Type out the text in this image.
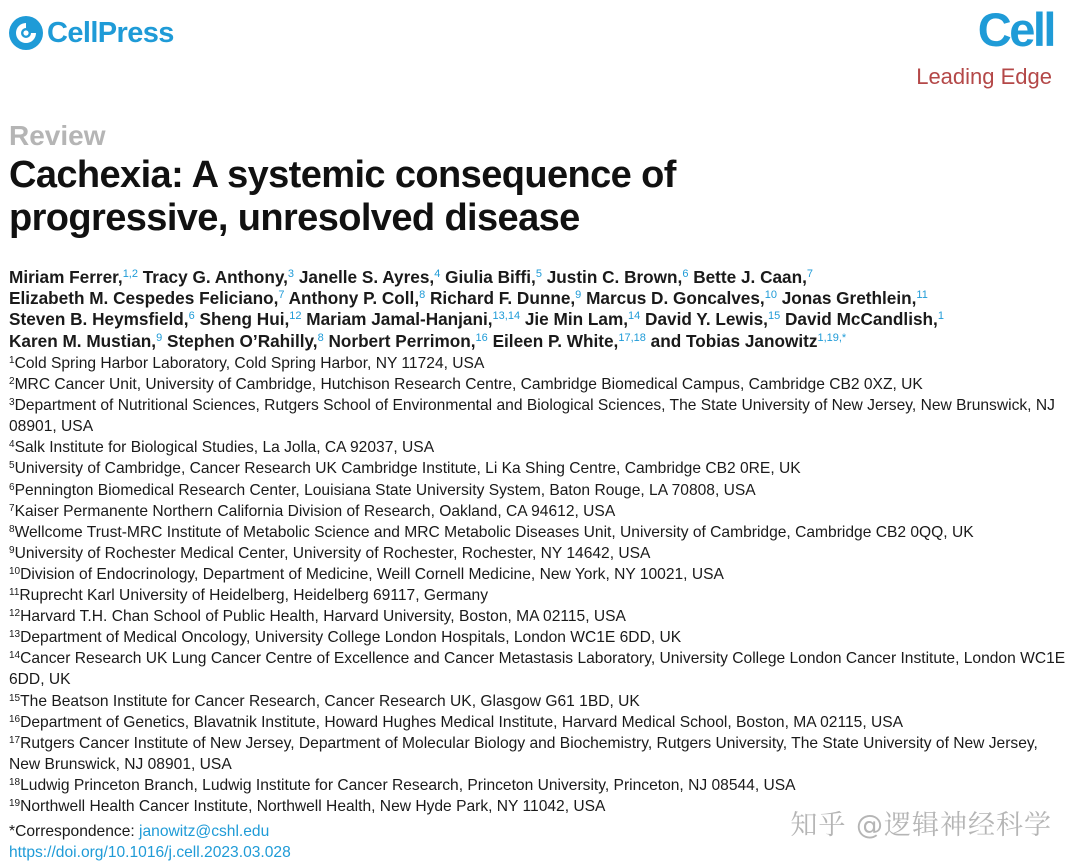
CellPress	Cell
Leading Edge
Review
Cachexia: A systemic consequence of
progressive, unresolved disease
Miriam Ferrer,$^{1,2}$ Tracy G. Anthony,$^3$ Janelle S. Ayres,$^4$ Giulia Biffi,$^5$ Justin C. Brown,$^6$ Bette J. Caan,$^7$
Elizabeth M. Cespedes Feliciano,$^7$ Anthony P. Coll,$^8$ Richard F. Dunne,$^9$ Marcus D. Goncalves,$^{10}$ Jonas Grethlein,$^{11}$
Steven B. Heymsfield,$^6$ Sheng Hui,$^{12}$ Mariam Jamal-Hanjani,$^{13,14}$ Jie Min Lam,$^{14}$ David Y. Lewis,$^{15}$ David McCandlish,$^1$
Karen M. Mustian,$^9$ Stephen O’Rahilly,$^8$ Norbert Perrimon,$^{16}$ Eileen P. White,$^{17,18}$ and Tobias Janowitz$^{1,19,*}$
$^1$Cold Spring Harbor Laboratory, Cold Spring Harbor, NY 11724, USA
$^2$MRC Cancer Unit, University of Cambridge, Hutchison Research Centre, Cambridge Biomedical Campus, Cambridge CB2 0XZ, UK
$^3$Department of Nutritional Sciences, Rutgers School of Environmental and Biological Sciences, The State University of New Jersey, New Brunswick, NJ 08901, USA
$^4$Salk Institute for Biological Studies, La Jolla, CA 92037, USA
$^5$University of Cambridge, Cancer Research UK Cambridge Institute, Li Ka Shing Centre, Cambridge CB2 0RE, UK
$^6$Pennington Biomedical Research Center, Louisiana State University System, Baton Rouge, LA 70808, USA
$^7$Kaiser Permanente Northern California Division of Research, Oakland, CA 94612, USA
$^8$Wellcome Trust-MRC Institute of Metabolic Science and MRC Metabolic Diseases Unit, University of Cambridge, Cambridge CB2 0QQ, UK
$^9$University of Rochester Medical Center, University of Rochester, Rochester, NY 14642, USA
$^{10}$Division of Endocrinology, Department of Medicine, Weill Cornell Medicine, New York, NY 10021, USA
$^{11}$Ruprecht Karl University of Heidelberg, Heidelberg 69117, Germany
$^{12}$Harvard T.H. Chan School of Public Health, Harvard University, Boston, MA 02115, USA
$^{13}$Department of Medical Oncology, University College London Hospitals, London WC1E 6DD, UK
$^{14}$Cancer Research UK Lung Cancer Centre of Excellence and Cancer Metastasis Laboratory, University College London Cancer Institute, London WC1E 6DD, UK
$^{15}$The Beatson Institute for Cancer Research, Cancer Research UK, Glasgow G61 1BD, UK
$^{16}$Department of Genetics, Blavatnik Institute, Howard Hughes Medical Institute, Harvard Medical School, Boston, MA 02115, USA
$^{17}$Rutgers Cancer Institute of New Jersey, Department of Molecular Biology and Biochemistry, Rutgers University, The State University of New Jersey, New Brunswick, NJ 08901, USA
$^{18}$Ludwig Princeton Branch, Ludwig Institute for Cancer Research, Princeton University, Princeton, NJ 08544, USA
$^{19}$Northwell Health Cancer Institute, Northwell Health, New Hyde Park, NY 11042, USA
*Correspondence: janowitz@cshl.edu
https://doi.org/10.1016/j.cell.2023.03.028
知乎 @逻辑神经科学
